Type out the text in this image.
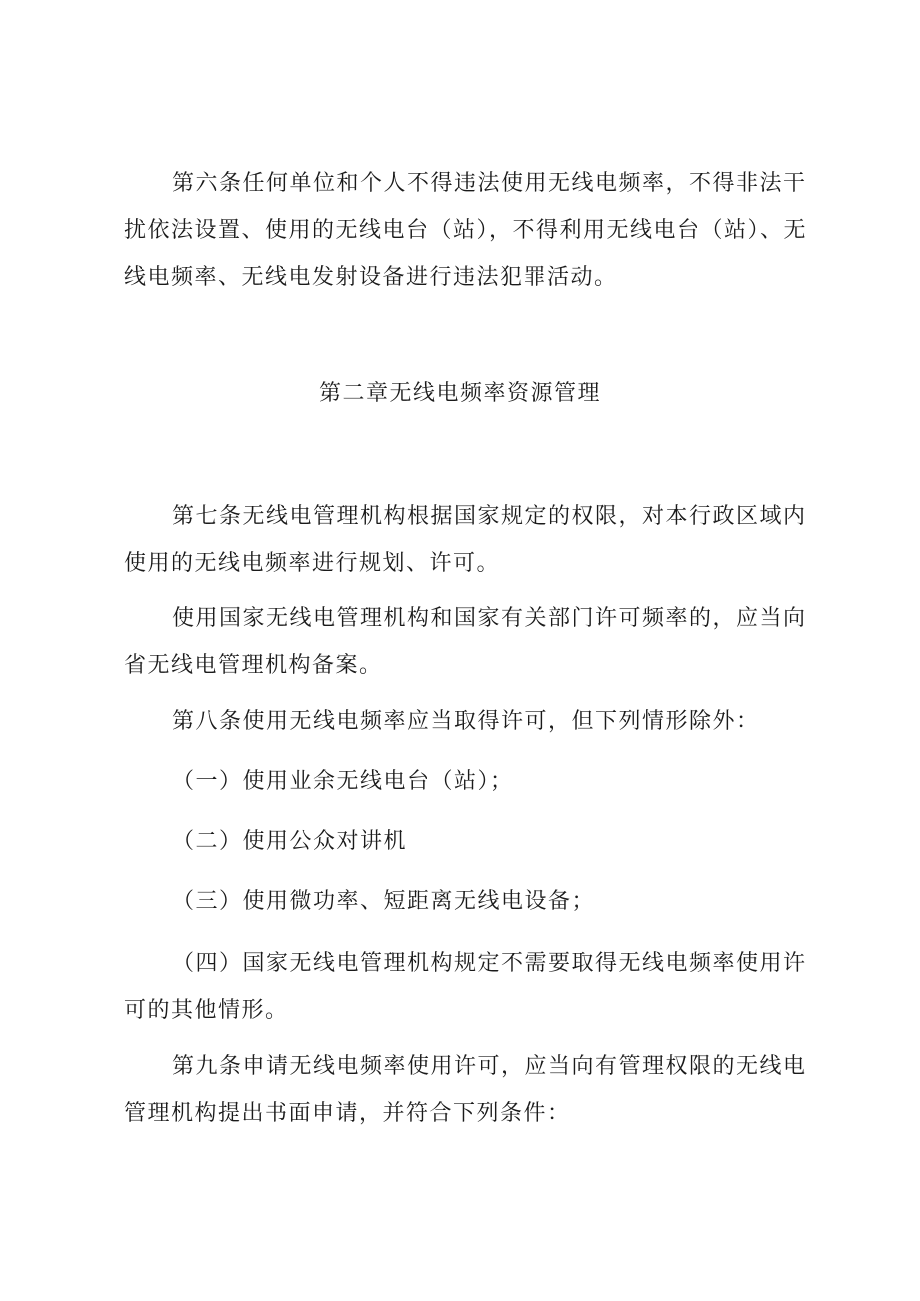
第六条任何单位和个人不得违法使用无线电频率，不得非法干扰依法设置、使用的无线电台（站），不得利用无线电台（站）、无线电频率、无线电发射设备进行违法犯罪活动。

第二章无线电频率资源管理

第七条无线电管理机构根据国家规定的权限，对本行政区域内使用的无线电频率进行规划、许可。

使用国家无线电管理机构和国家有关部门许可频率的，应当向省无线电管理机构备案。

第八条使用无线电频率应当取得许可，但下列情形除外：

（一）使用业余无线电台（站）；

（二）使用公众对讲机

（三）使用微功率、短距离无线电设备；

（四）国家无线电管理机构规定不需要取得无线电频率使用许可的其他情形。

第九条申请无线电频率使用许可，应当向有管理权限的无线电管理机构提出书面申请，并符合下列条件：
